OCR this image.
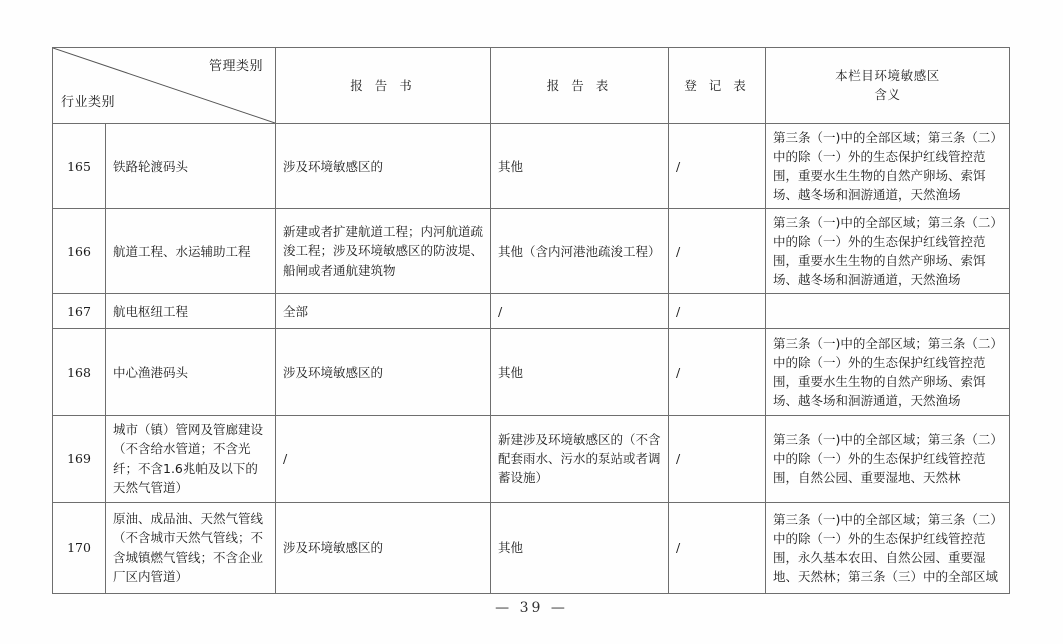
管理类别
行业类别		报 告 书	报 告 表	登 记 表	本栏目环境敏感区
含义

165	铁路轮渡码头	涉及环境敏感区的	其他	/	第三条（一)中的全部区域；第三条（二）中的除（一）外的生态保护红线管控范围，重要水生生物的自然产卵场、索饵场、越冬场和洄游通道，天然渔场
166	航道工程、水运辅助工程	新建或者扩建航道工程；内河航道疏浚工程；涉及环境敏感区的防波堤、船闸或者通航建筑物	其他（含内河港池疏浚工程）	/	第三条（一)中的全部区域；第三条（二）中的除（一）外的生态保护红线管控范围，重要水生生物的自然产卵场、索饵场、越冬场和洄游通道，天然渔场
167	航电枢纽工程	全部	/	/	
168	中心渔港码头	涉及环境敏感区的	其他	/	第三条（一)中的全部区域；第三条（二）中的除（一）外的生态保护红线管控范围，重要水生生物的自然产卵场、索饵场、越冬场和洄游通道，天然渔场
169	城市（镇）管网及管廊建设（不含给水管道；不含光纤；不含1.6兆帕及以下的天然气管道）	/	新建涉及环境敏感区的（不含配套雨水、污水的泵站或者调蓄设施）	/	第三条（一)中的全部区域；第三条（二）中的除（一）外的生态保护红线管控范围，自然公园、重要湿地、天然林
170	原油、成品油、天然气管线（不含城市天然气管线；不含城镇燃气管线；不含企业厂区内管道）	涉及环境敏感区的	其他	/	第三条（一)中的全部区域；第三条（二）中的除（一）外的生态保护红线管控范围，永久基本农田、自然公园、重要湿地、天然林；第三条（三）中的全部区域
— 39 —
